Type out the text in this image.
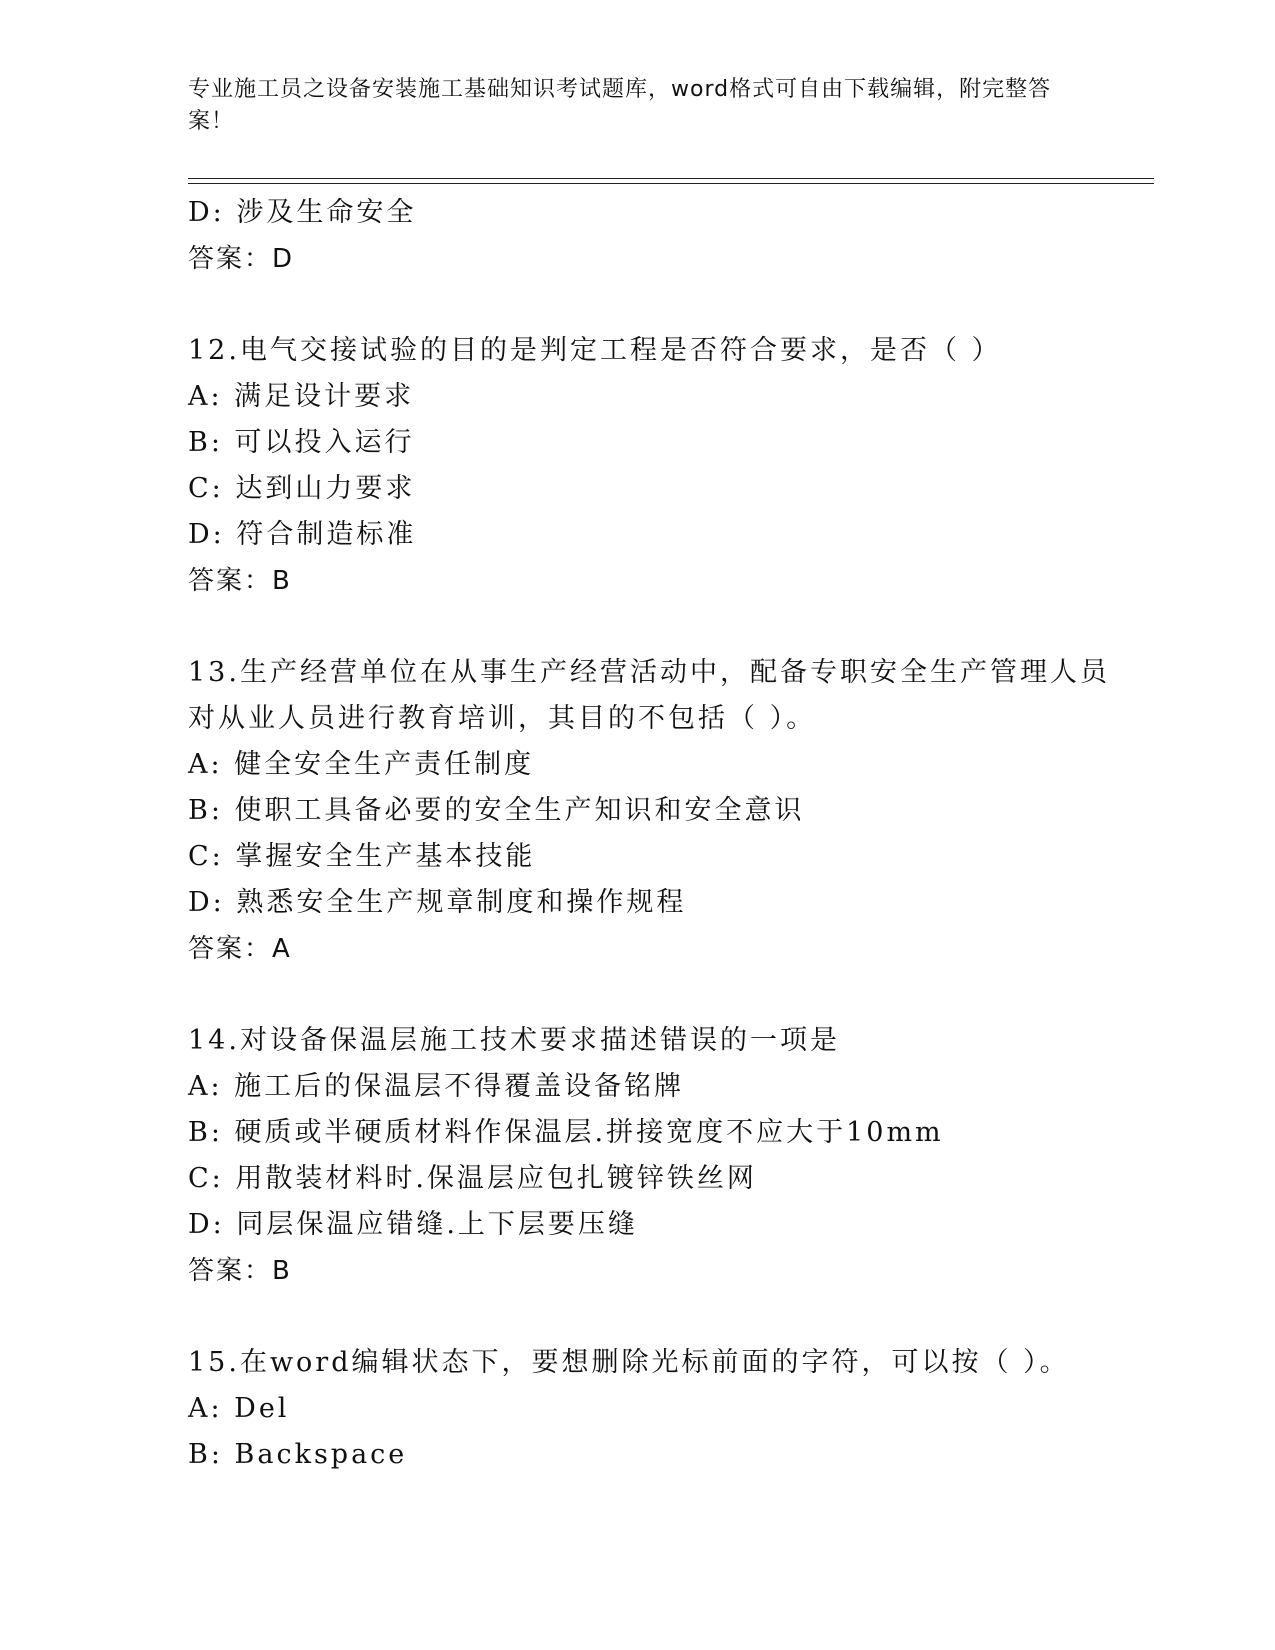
专业施工员之设备安装施工基础知识考试题库，word格式可自由下载编辑，附完整答案！
D: 涉及生命安全
答案：D
12.电气交接试验的目的是判定工程是否符合要求，是否（ ）
A: 满足设计要求
B: 可以投入运行
C: 达到山力要求
D: 符合制造标准
答案：B
13.生产经营单位在从事生产经营活动中，配备专职安全生产管理人员对从业人员进行教育培训，其目的不包括（ ）。
A: 健全安全生产责任制度
B: 使职工具备必要的安全生产知识和安全意识
C: 掌握安全生产基本技能
D: 熟悉安全生产规章制度和操作规程
答案：A
14.对设备保温层施工技术要求描述错误的一项是
A: 施工后的保温层不得覆盖设备铭牌
B: 硬质或半硬质材料作保温层.拼接宽度不应大于10mm
C: 用散装材料时.保温层应包扎镀锌铁丝网
D: 同层保温应错缝.上下层要压缝
答案：B
15.在word编辑状态下，要想删除光标前面的字符，可以按（ ）。
A: Del
B: Backspace
